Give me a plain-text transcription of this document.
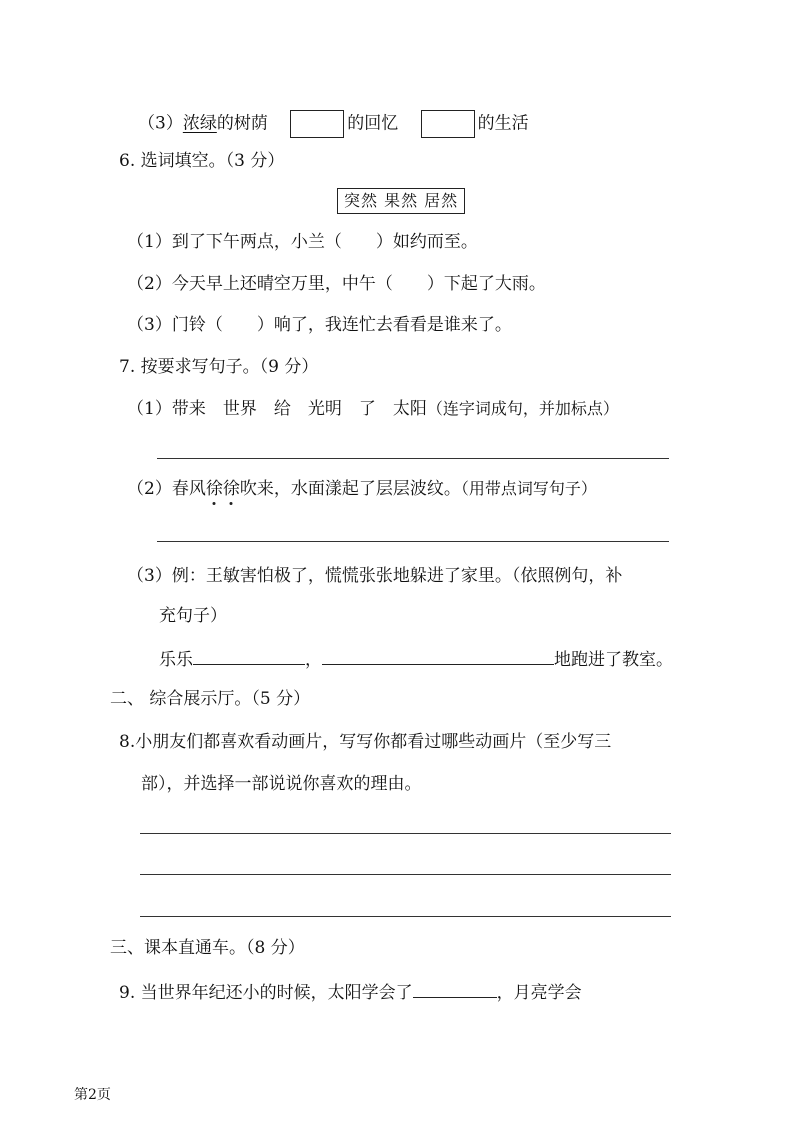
（3）浓绿的树荫	的回忆	的生活
6. 选词填空。（3 分）
突然 果然 居然
（1）到了下午两点，小兰（　　）如约而至。
（2）今天早上还晴空万里，中午（　　）下起了大雨。
（3）门铃（　　）响了，我连忙去看看是谁来了。
7. 按要求写句子。（9 分）
（1）带来　世界　给　光明　了　太阳（连字词成句，并加标点）
（2）春风徐徐吹来，水面漾起了层层波纹。（用带点词写句子）
（3）例：王敏害怕极了，慌慌张张地躲进了家里。（依照例句，补
充句子）
乐乐	，	地跑进了教室。
二、 综合展示厅。（5 分）
8.小朋友们都喜欢看动画片，写写你都看过哪些动画片（至少写三
部），并选择一部说说你喜欢的理由。
三、课本直通车。（8 分）
9. 当世界年纪还小的时候，太阳学会了	，月亮学会
第2页
